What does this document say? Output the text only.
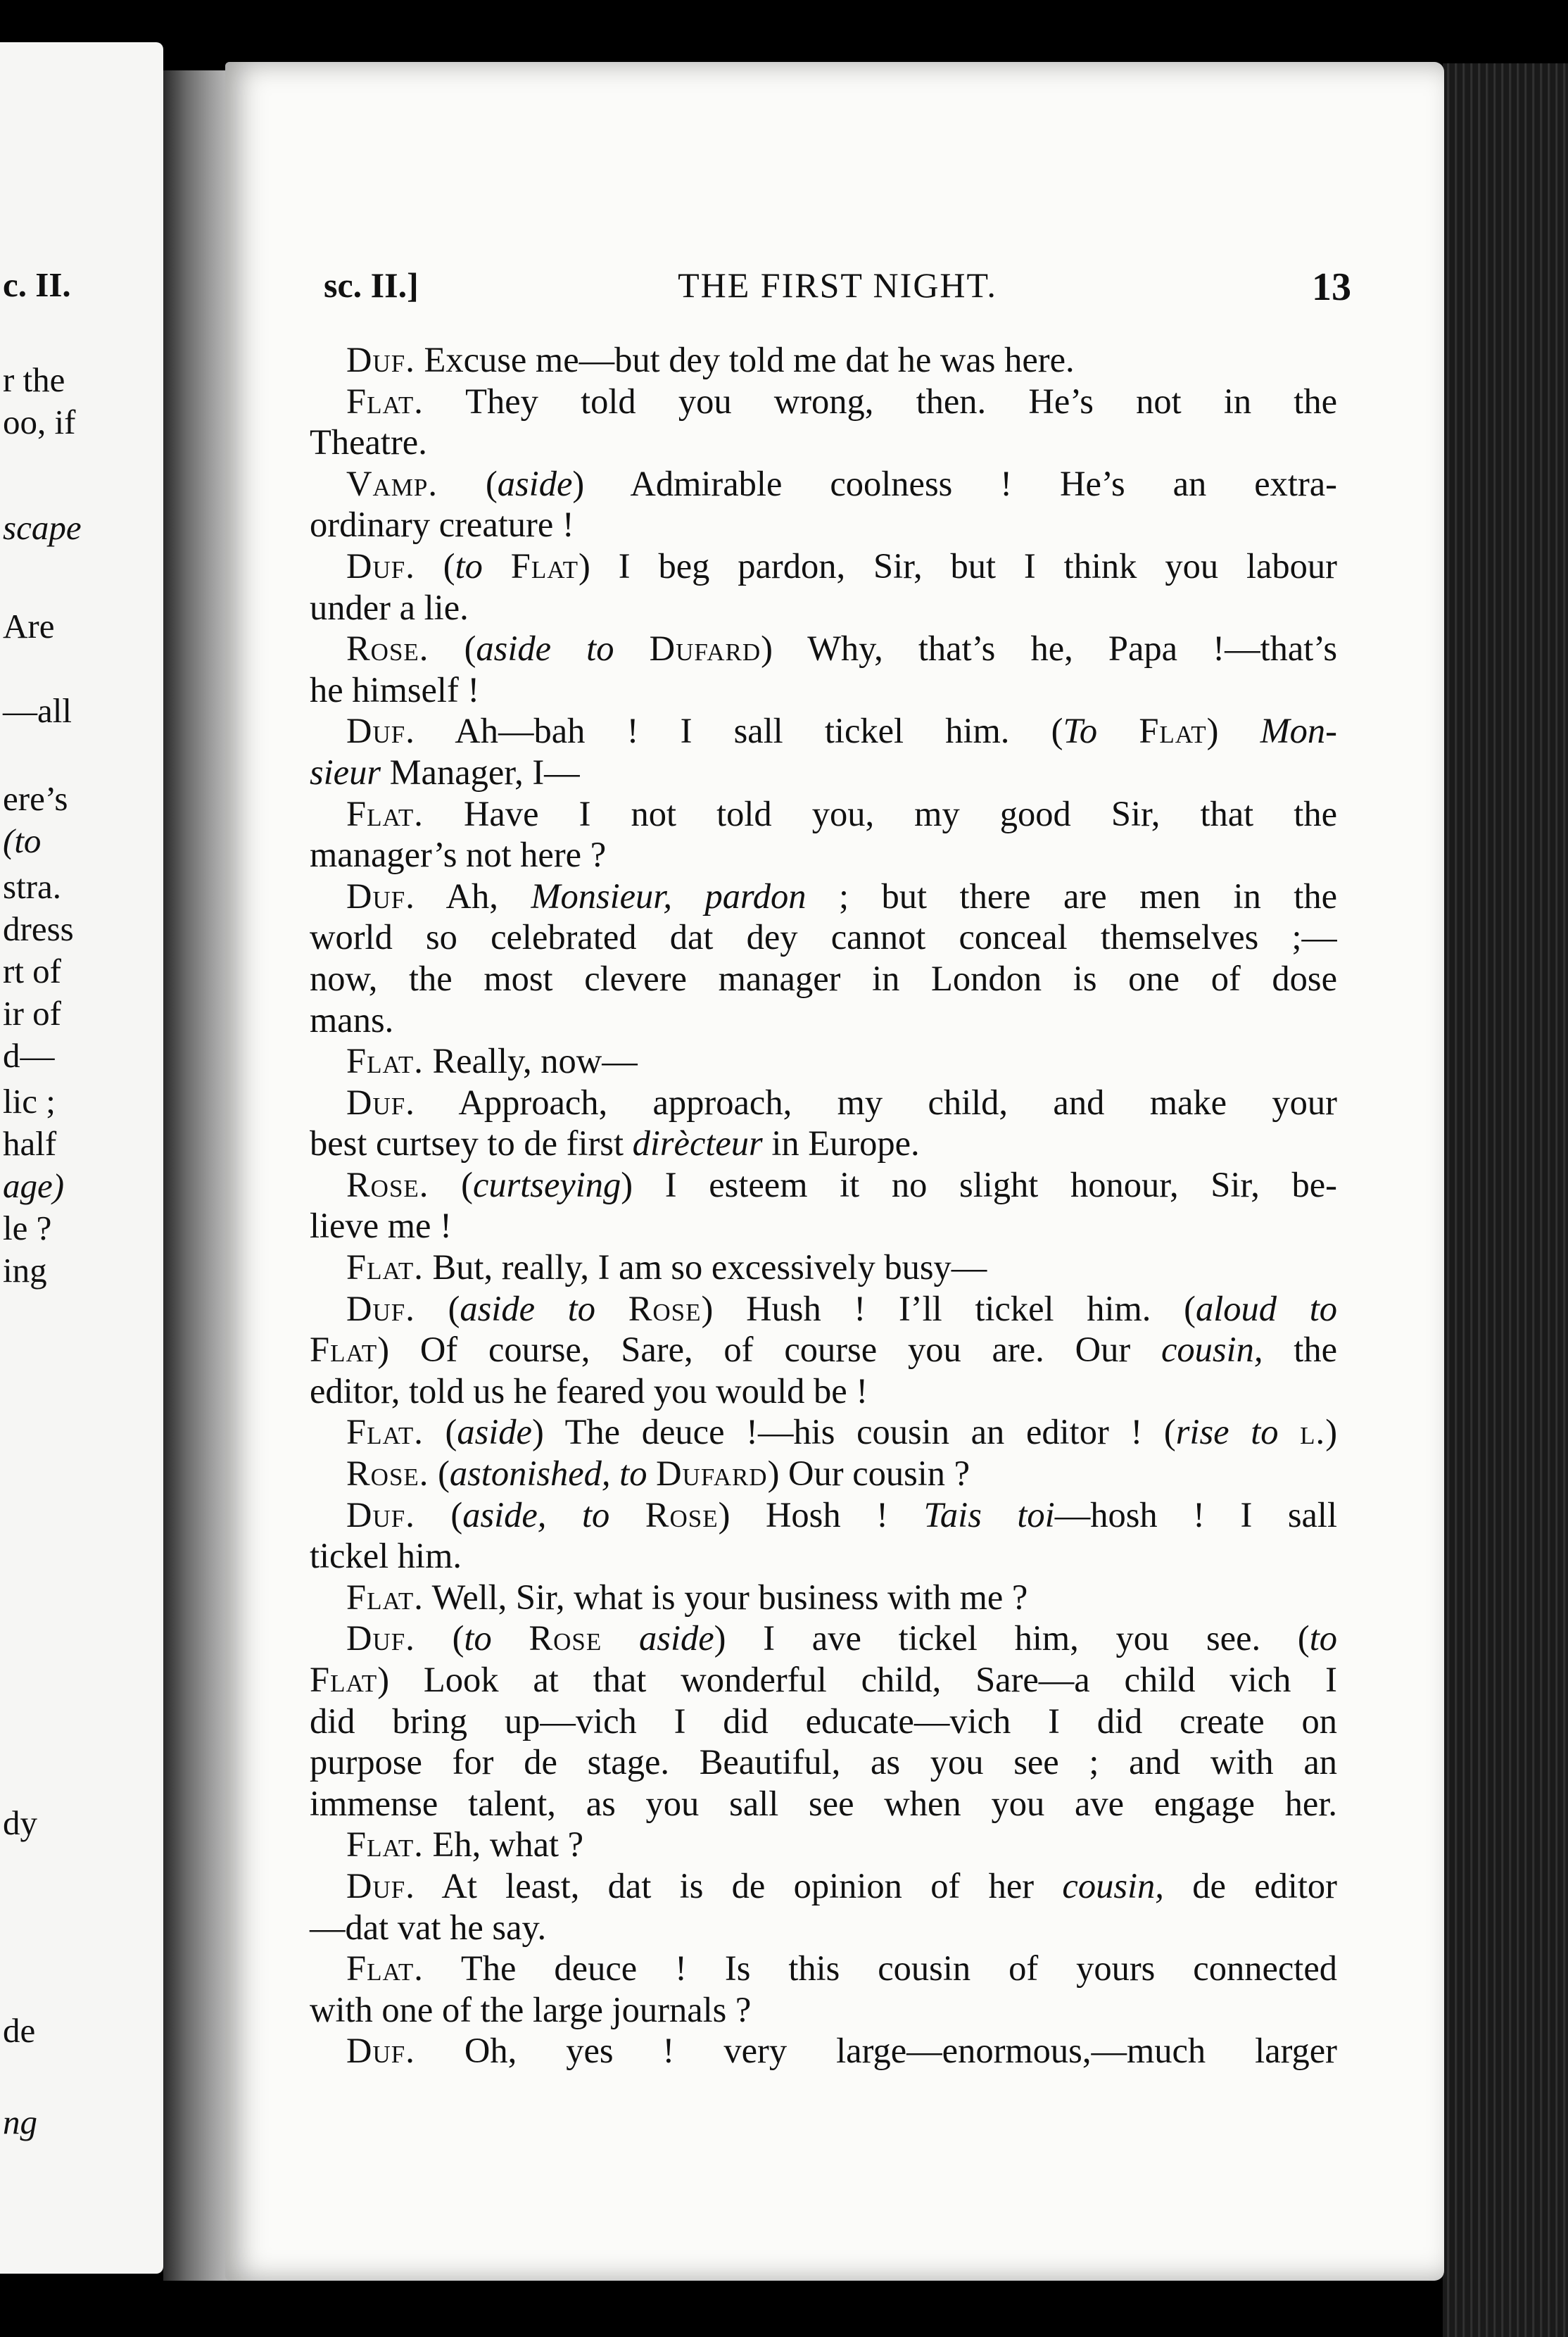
c. II.
r the
oo, if
scape
Are
—all
ere’s
(to
stra.
dress
rt of
ir of
d—
lic ;
half
age)
le ?
ing
dy
de
ng
sc. II.]	THE FIRST NIGHT.	13
Duf. Excuse me—but dey told me dat he was here.
Flat. They told you wrong, then. He’s not in the
Theatre.
Vamp. (aside) Admirable coolness ! He’s an extra-
ordinary creature !
Duf. (to Flat) I beg pardon, Sir, but I think you labour
under a lie.
Rose. (aside to Dufard) Why, that’s he, Papa !—that’s
he himself !
Duf. Ah—bah ! I sall tickel him. (To Flat) Mon-
sieur Manager, I—
Flat. Have I not told you, my good Sir, that the
manager’s not here ?
Duf. Ah, Monsieur, pardon ; but there are men in the
world so celebrated dat dey cannot conceal themselves ;—
now, the most clevere manager in London is one of dose
mans.
Flat. Really, now—
Duf. Approach, approach, my child, and make your
best curtsey to de first dirècteur in Europe.
Rose. (curtseying) I esteem it no slight honour, Sir, be-
lieve me !
Flat. But, really, I am so excessively busy—
Duf. (aside to Rose) Hush ! I’ll tickel him. (aloud to
Flat) Of course, Sare, of course you are. Our cousin, the
editor, told us he feared you would be !
Flat. (aside) The deuce !—his cousin an editor ! (rise to l.)
Rose. (astonished, to Dufard) Our cousin ?
Duf. (aside, to Rose) Hosh ! Tais toi—hosh ! I sall
tickel him.
Flat. Well, Sir, what is your business with me ?
Duf. (to Rose aside) I ave tickel him, you see. (to
Flat) Look at that wonderful child, Sare—a child vich I
did bring up—vich I did educate—vich I did create on
purpose for de stage. Beautiful, as you see ; and with an
immense talent, as you sall see when you ave engage her.
Flat. Eh, what ?
Duf. At least, dat is de opinion of her cousin, de editor
—dat vat he say.
Flat. The deuce ! Is this cousin of yours connected
with one of the large journals ?
Duf. Oh, yes ! very large—enormous,—much larger
